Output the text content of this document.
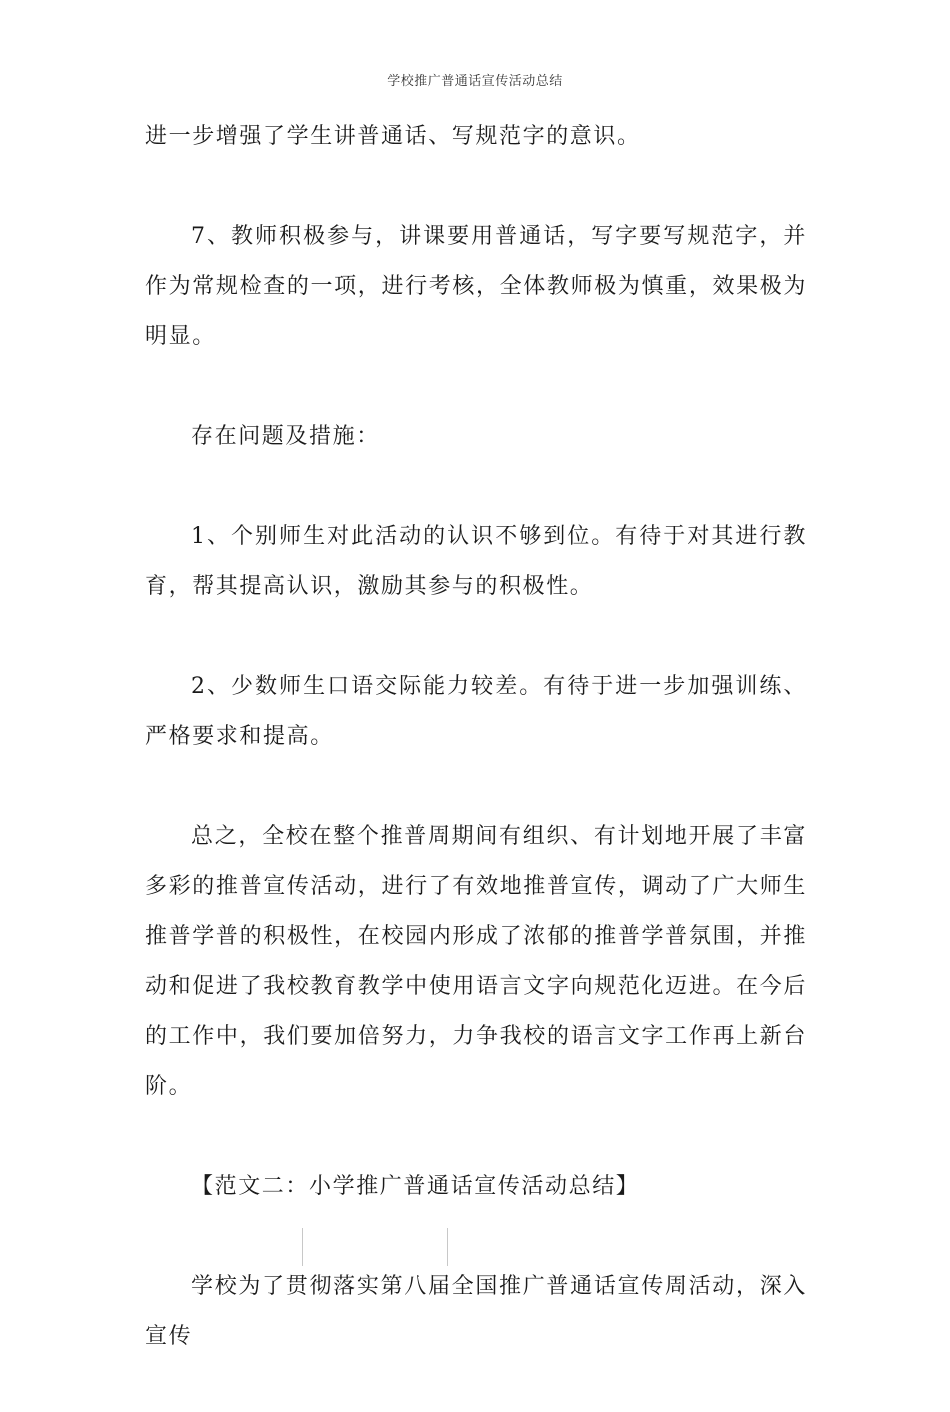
学校推广普通话宣传活动总结

进一步增强了学生讲普通话、写规范字的意识。

7、教师积极参与，讲课要用普通话，写字要写规范字，并作为常规检查的一项，进行考核，全体教师极为慎重，效果极为明显。

存在问题及措施：

1、个别师生对此活动的认识不够到位。有待于对其进行教育，帮其提高认识，激励其参与的积极性。

2、少数师生口语交际能力较差。有待于进一步加强训练、严格要求和提高。

总之，全校在整个推普周期间有组织、有计划地开展了丰富多彩的推普宣传活动，进行了有效地推普宣传，调动了广大师生推普学普的积极性，在校园内形成了浓郁的推普学普氛围，并推动和促进了我校教育教学中使用语言文字向规范化迈进。在今后的工作中，我们要加倍努力，力争我校的语言文字工作再上新台阶。

【范文二：小学推广普通话宣传活动总结】

学校为了贯彻落实第八届全国推广普通话宣传周活动，深入宣传
